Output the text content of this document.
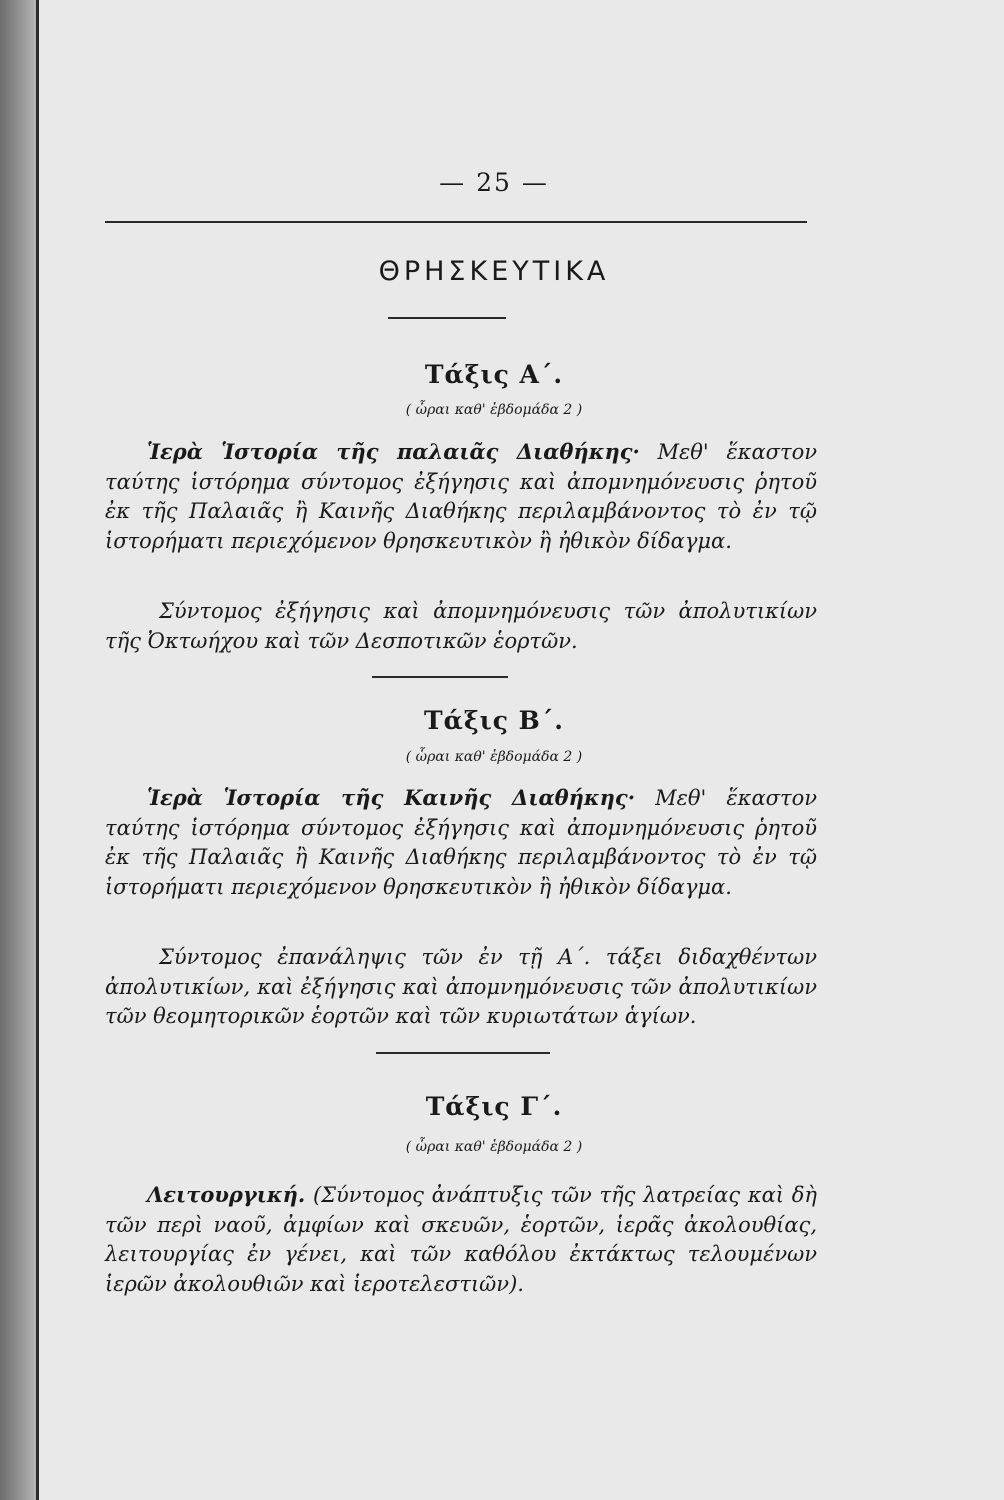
— 25 —
ΘΡΗΣΚΕΥΤΙΚΑ
Τάξις Α΄.
( ὧραι καθ' ἑβδομάδα 2 )

Ἱερὰ Ἱστορία τῆς παλαιᾶς Διαθήκης· Μεθ' ἕκαστον ταύτης ἱστόρημα σύντομος ἐξήγησις καὶ ἀπομνημόνευσις ῥητοῦ ἐκ τῆς Παλαιᾶς ἢ Καινῆς Διαθήκης περιλαμβάνοντος τὸ ἐν τῷ ἱστορήματι περιεχόμενον θρησκευτικὸν ἢ ἠθικὸν δίδαγμα.

Σύντομος ἐξήγησις καὶ ἀπομνημόνευσις τῶν ἀπολυτικίων τῆς Ὀκτωήχου καὶ τῶν Δεσποτικῶν ἑορτῶν.

Τάξις Β΄.
( ὧραι καθ' ἑβδομάδα 2 )

Ἱερὰ Ἱστορία τῆς Καινῆς Διαθήκης· Μεθ' ἕκαστον ταύτης ἱστόρημα σύντομος ἐξήγησις καὶ ἀπομνημόνευσις ῥητοῦ ἐκ τῆς Παλαιᾶς ἢ Καινῆς Διαθήκης περιλαμβάνοντος τὸ ἐν τῷ ἱστορήματι περιεχόμενον θρησκευτικὸν ἢ ἠθικὸν δίδαγμα.

Σύντομος ἐπανάληψις τῶν ἐν τῇ Α΄. τάξει διδαχθέντων ἀπολυτικίων, καὶ ἐξήγησις καὶ ἀπομνημόνευσις τῶν ἀπολυτικίων τῶν θεομητορικῶν ἑορτῶν καὶ τῶν κυριωτάτων ἁγίων.

Τάξις Γ΄.
( ὧραι καθ' ἑβδομάδα 2 )

Λειτουργική. (Σύντομος ἀνάπτυξις τῶν τῆς λατρείας καὶ δὴ τῶν περὶ ναοῦ, ἀμφίων καὶ σκευῶν, ἑορτῶν, ἱερᾶς ἀκολουθίας, λειτουργίας ἐν γένει, καὶ τῶν καθόλου ἐκτάκτως τελουμένων ἱερῶν ἀκολουθιῶν καὶ ἱεροτελεστιῶν).
